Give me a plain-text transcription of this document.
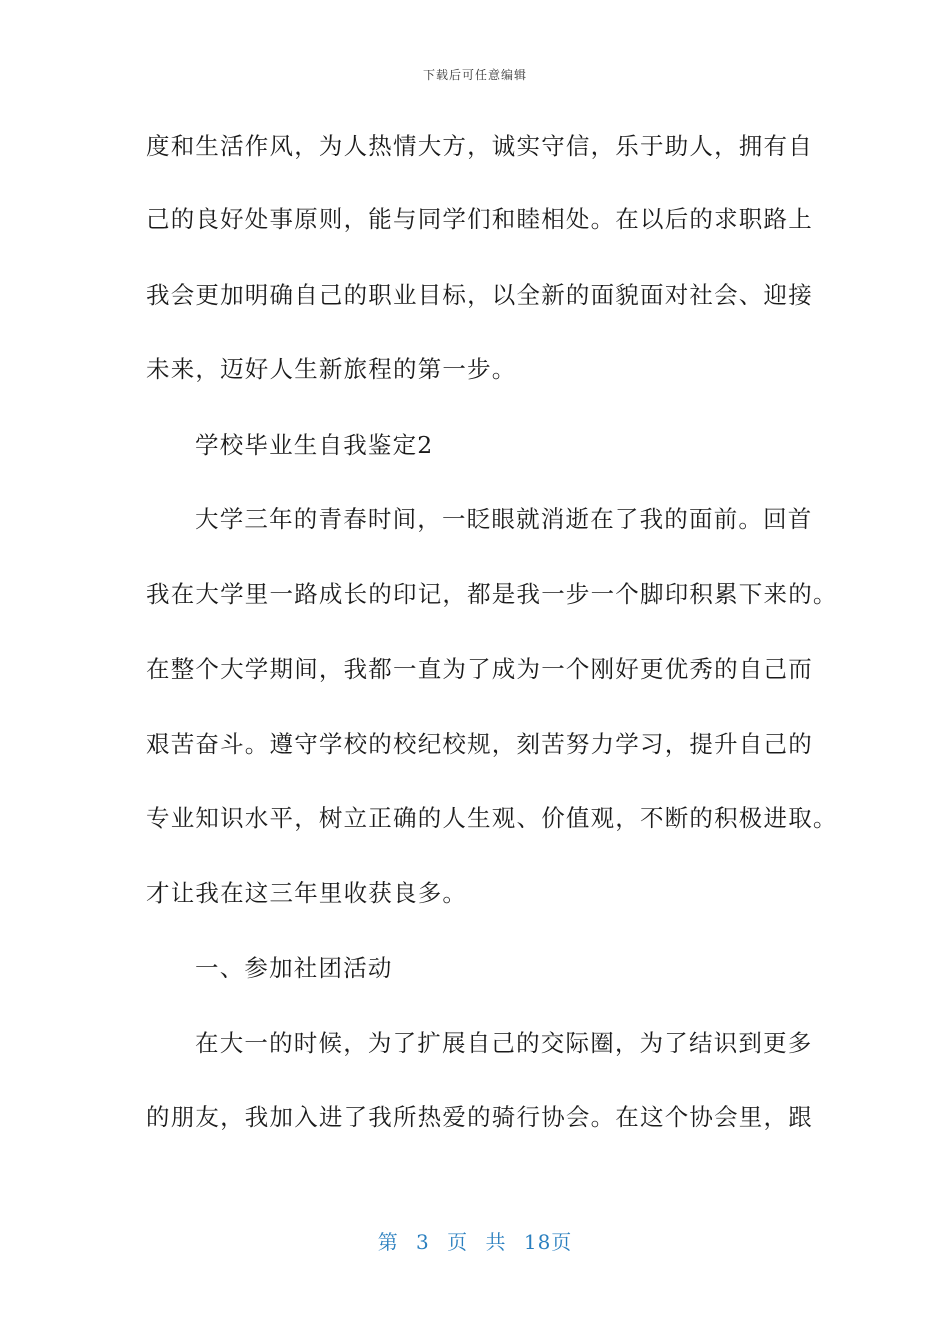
下载后可任意编辑
度和生活作风，为人热情大方，诚实守信，乐于助人，拥有自
己的良好处事原则，能与同学们和睦相处。在以后的求职路上
我会更加明确自己的职业目标，以全新的面貌面对社会、迎接
未来，迈好人生新旅程的第一步。
学校毕业生自我鉴定2
大学三年的青春时间，一眨眼就消逝在了我的面前。回首
我在大学里一路成长的印记，都是我一步一个脚印积累下来的。
在整个大学期间，我都一直为了成为一个刚好更优秀的自己而
艰苦奋斗。遵守学校的校纪校规，刻苦努力学习，提升自己的
专业知识水平，树立正确的人生观、价值观，不断的积极进取。
才让我在这三年里收获良多。
一、参加社团活动
在大一的时候，为了扩展自己的交际圈，为了结识到更多
的朋友，我加入进了我所热爱的骑行协会。在这个协会里，跟
第 3 页 共 18页
